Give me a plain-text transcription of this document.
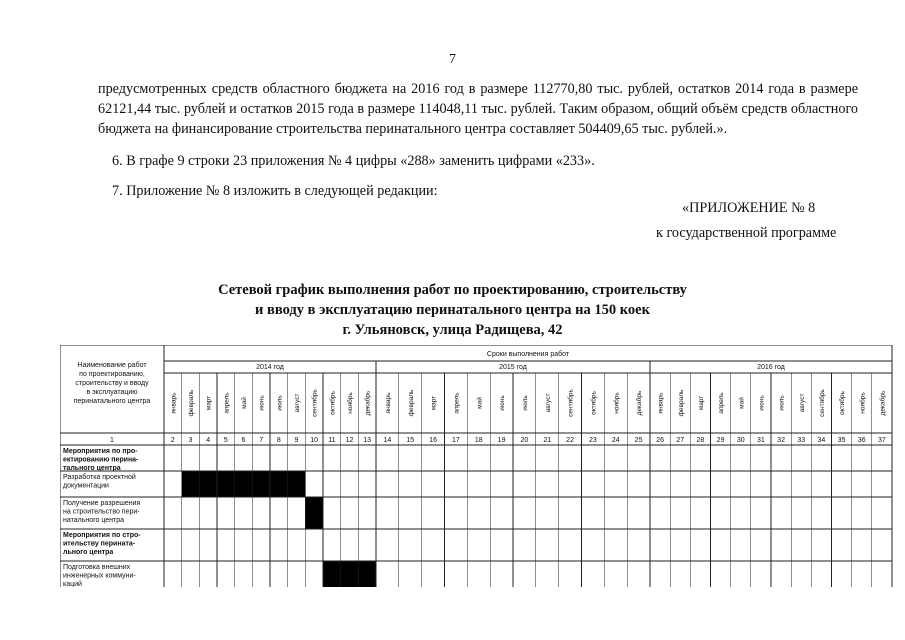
7

предусмотренных средств областного бюджета на 2016 год в размере 112770,80 тыс. рублей, остатков 2014 года в размере 62121,44 тыс. рублей и остатков 2015 года в размере 114048,11 тыс. рублей. Таким образом, общий объём средств областного бюджета на финансирование строительства перинатального центра составляет 504409,65 тыс. рублей.».

6. В графе 9 строки 23 приложения № 4 цифры «288» заменить цифрами «233».

7. Приложение № 8 изложить в следующей редакции:

«ПРИЛОЖЕНИЕ № 8
к государственной программе
Сетевой график выполнения работ по проектированию, строительству
и вводу в эксплуатацию перинатального центра на 150 коек
г. Ульяновск, улица Радищева, 42
Наименование работ по проектированию, строительству и вводу в эксплуатацию перинатального центра
Сроки выполнения работ
2014 год	2015 год	2016 год
январь
2
февраль
3
март
4
апрель
5
май
6
июнь
7
июль
8
август
9
сентябрь
10
октябрь
11
ноябрь
12
декабрь
13
январь
14
февраль
15
март
16
апрель
17
май
18
июнь
19
июль
20
август
21
сентябрь
22
октябрь
23
ноябрь
24
декабрь
25
январь
26
февраль
27
март
28
апрель
29
май
30
июнь
31
июль
32
август
33
сентябрь
34
октябрь
35
ноябрь
36
декабрь
37
1
Мероприятия по про-ектированию перина-тального центра
Разработка проектной документации
Получение разрешения на строительство пери-натального центра
Мероприятия по стро-ительству перината-льного центра
Подготовка внешних инженерных коммуни-каций
